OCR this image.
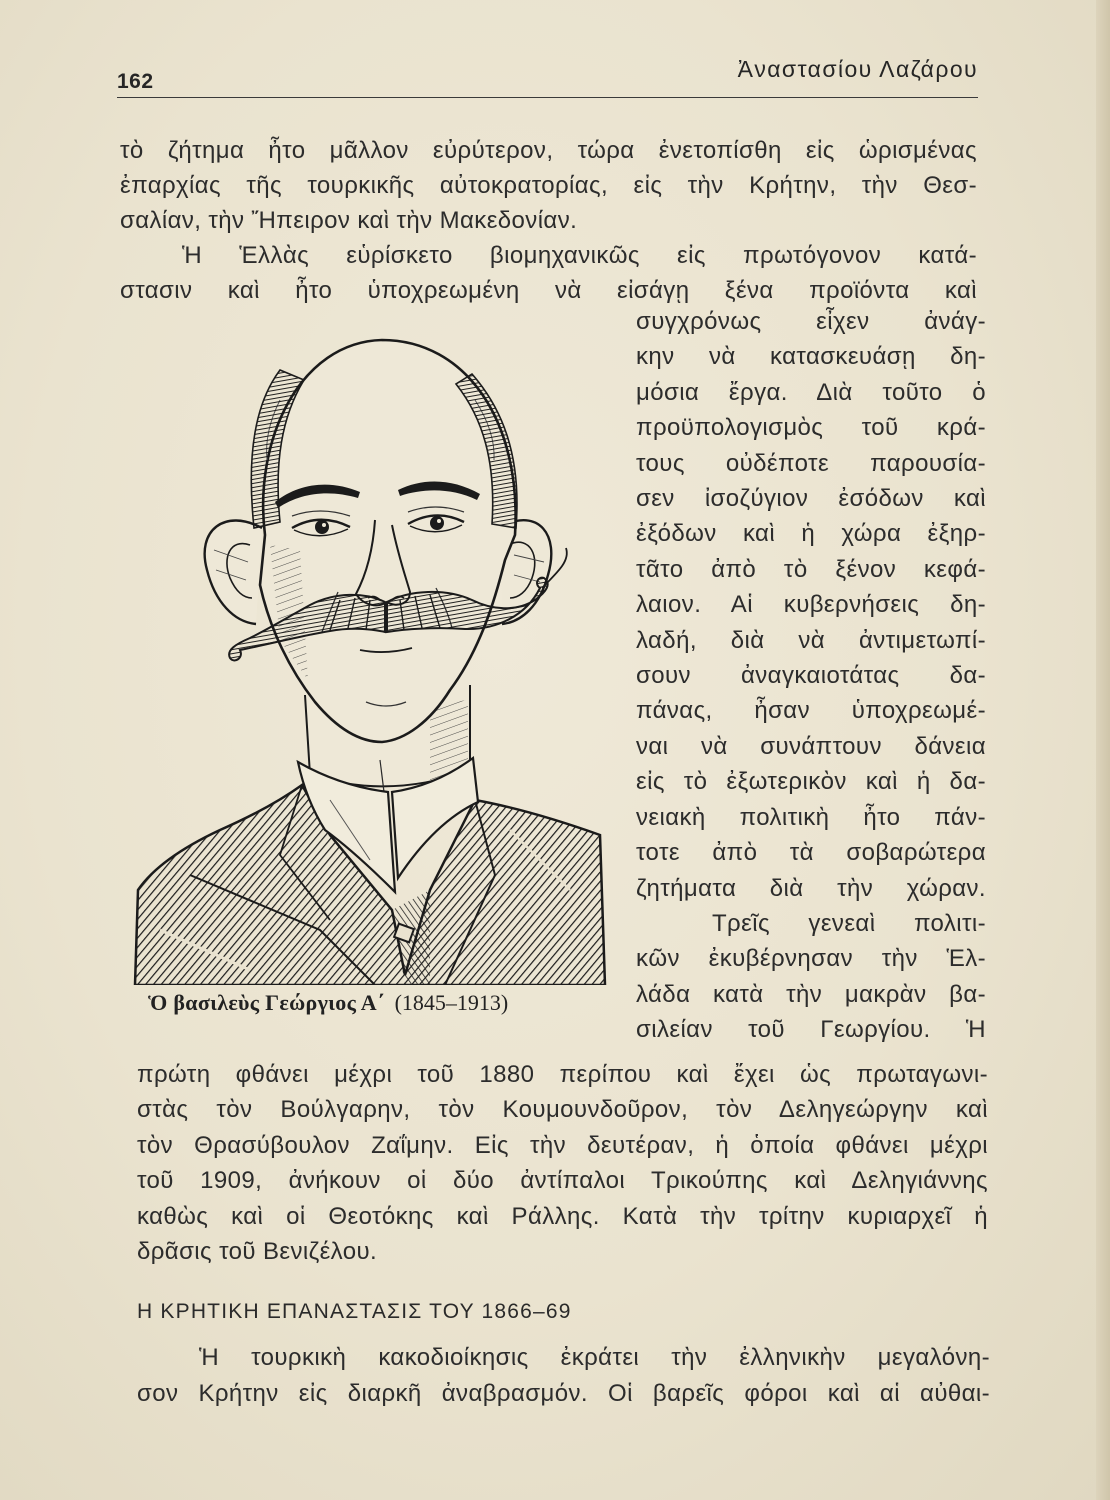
162	Ἀναστασίου Λαζάρου
τὸ ζήτημα ἦτο μᾶλλον εὐρύτερον, τώρα ἐνετοπίσθη εἰς ὡρισμένας
ἐπαρχίας τῆς τουρκικῆς αὐτοκρατορίας, εἰς τὴν Κρήτην, τὴν Θεσ-
σαλίαν, τὴν Ἤπειρον καὶ τὴν Μακεδονίαν.
Ἡ Ἑλλὰς εὑρίσκετο βιομηχανικῶς εἰς πρωτόγονον κατά-
στασιν καὶ ἦτο ὑποχρεωμένη νὰ εἰσάγῃ ξένα προϊόντα καὶ
Ὁ βασιλεὺς Γεώργιος Α΄ (1845–1913)
συγχρόνως εἶχεν ἀνάγ-
κην νὰ κατασκευάσῃ δη-
μόσια ἔργα. Διὰ τοῦτο ὁ
προϋπολογισμὸς τοῦ κρά-
τους οὐδέποτε παρουσία-
σεν ἰσοζύγιον ἐσόδων καὶ
ἐξόδων καὶ ἡ χώρα ἐξηρ-
τᾶτο ἀπὸ τὸ ξένον κεφά-
λαιον. Αἱ κυβερνήσεις δη-
λαδή, διὰ νὰ ἀντιμετωπί-
σουν ἀναγκαιοτάτας δα-
πάνας, ἦσαν ὑποχρεωμέ-
ναι νὰ συνάπτουν δάνεια
εἰς τὸ ἐξωτερικὸν καὶ ἡ δα-
νειακὴ πολιτικὴ ἦτο πάν-
τοτε ἀπὸ τὰ σοβαρώτερα
ζητήματα διὰ τὴν χώραν.
Τρεῖς γενεαὶ πολιτι-
κῶν ἐκυβέρνησαν τὴν Ἑλ-
λάδα κατὰ τὴν μακρὰν βα-
σιλείαν τοῦ Γεωργίου. Ἡ
πρώτη φθάνει μέχρι τοῦ 1880 περίπου καὶ ἔχει ὡς πρωταγωνι-
στὰς τὸν Βούλγαρην, τὸν Κουμουνδοῦρον, τὸν Δεληγεώργην καὶ
τὸν Θρασύβουλον Ζαΐμην. Εἰς τὴν δευτέραν, ἡ ὁποία φθάνει μέχρι
τοῦ 1909, ἀνήκουν οἱ δύο ἀντίπαλοι Τρικούπης καὶ Δεληγιάννης
καθὼς καὶ οἱ Θεοτόκης καὶ Ράλλης. Κατὰ τὴν τρίτην κυριαρχεῖ ἡ
δρᾶσις τοῦ Βενιζέλου.
Η ΚΡΗΤΙΚΗ ΕΠΑΝΑΣΤΑΣΙΣ ΤΟΥ 1866–69
Ἡ τουρκικὴ κακοδιοίκησις ἐκράτει τὴν ἐλληνικὴν μεγαλόνη-
σον Κρήτην εἰς διαρκῆ ἀναβρασμόν. Οἱ βαρεῖς φόροι καὶ αἱ αὐθαι-
